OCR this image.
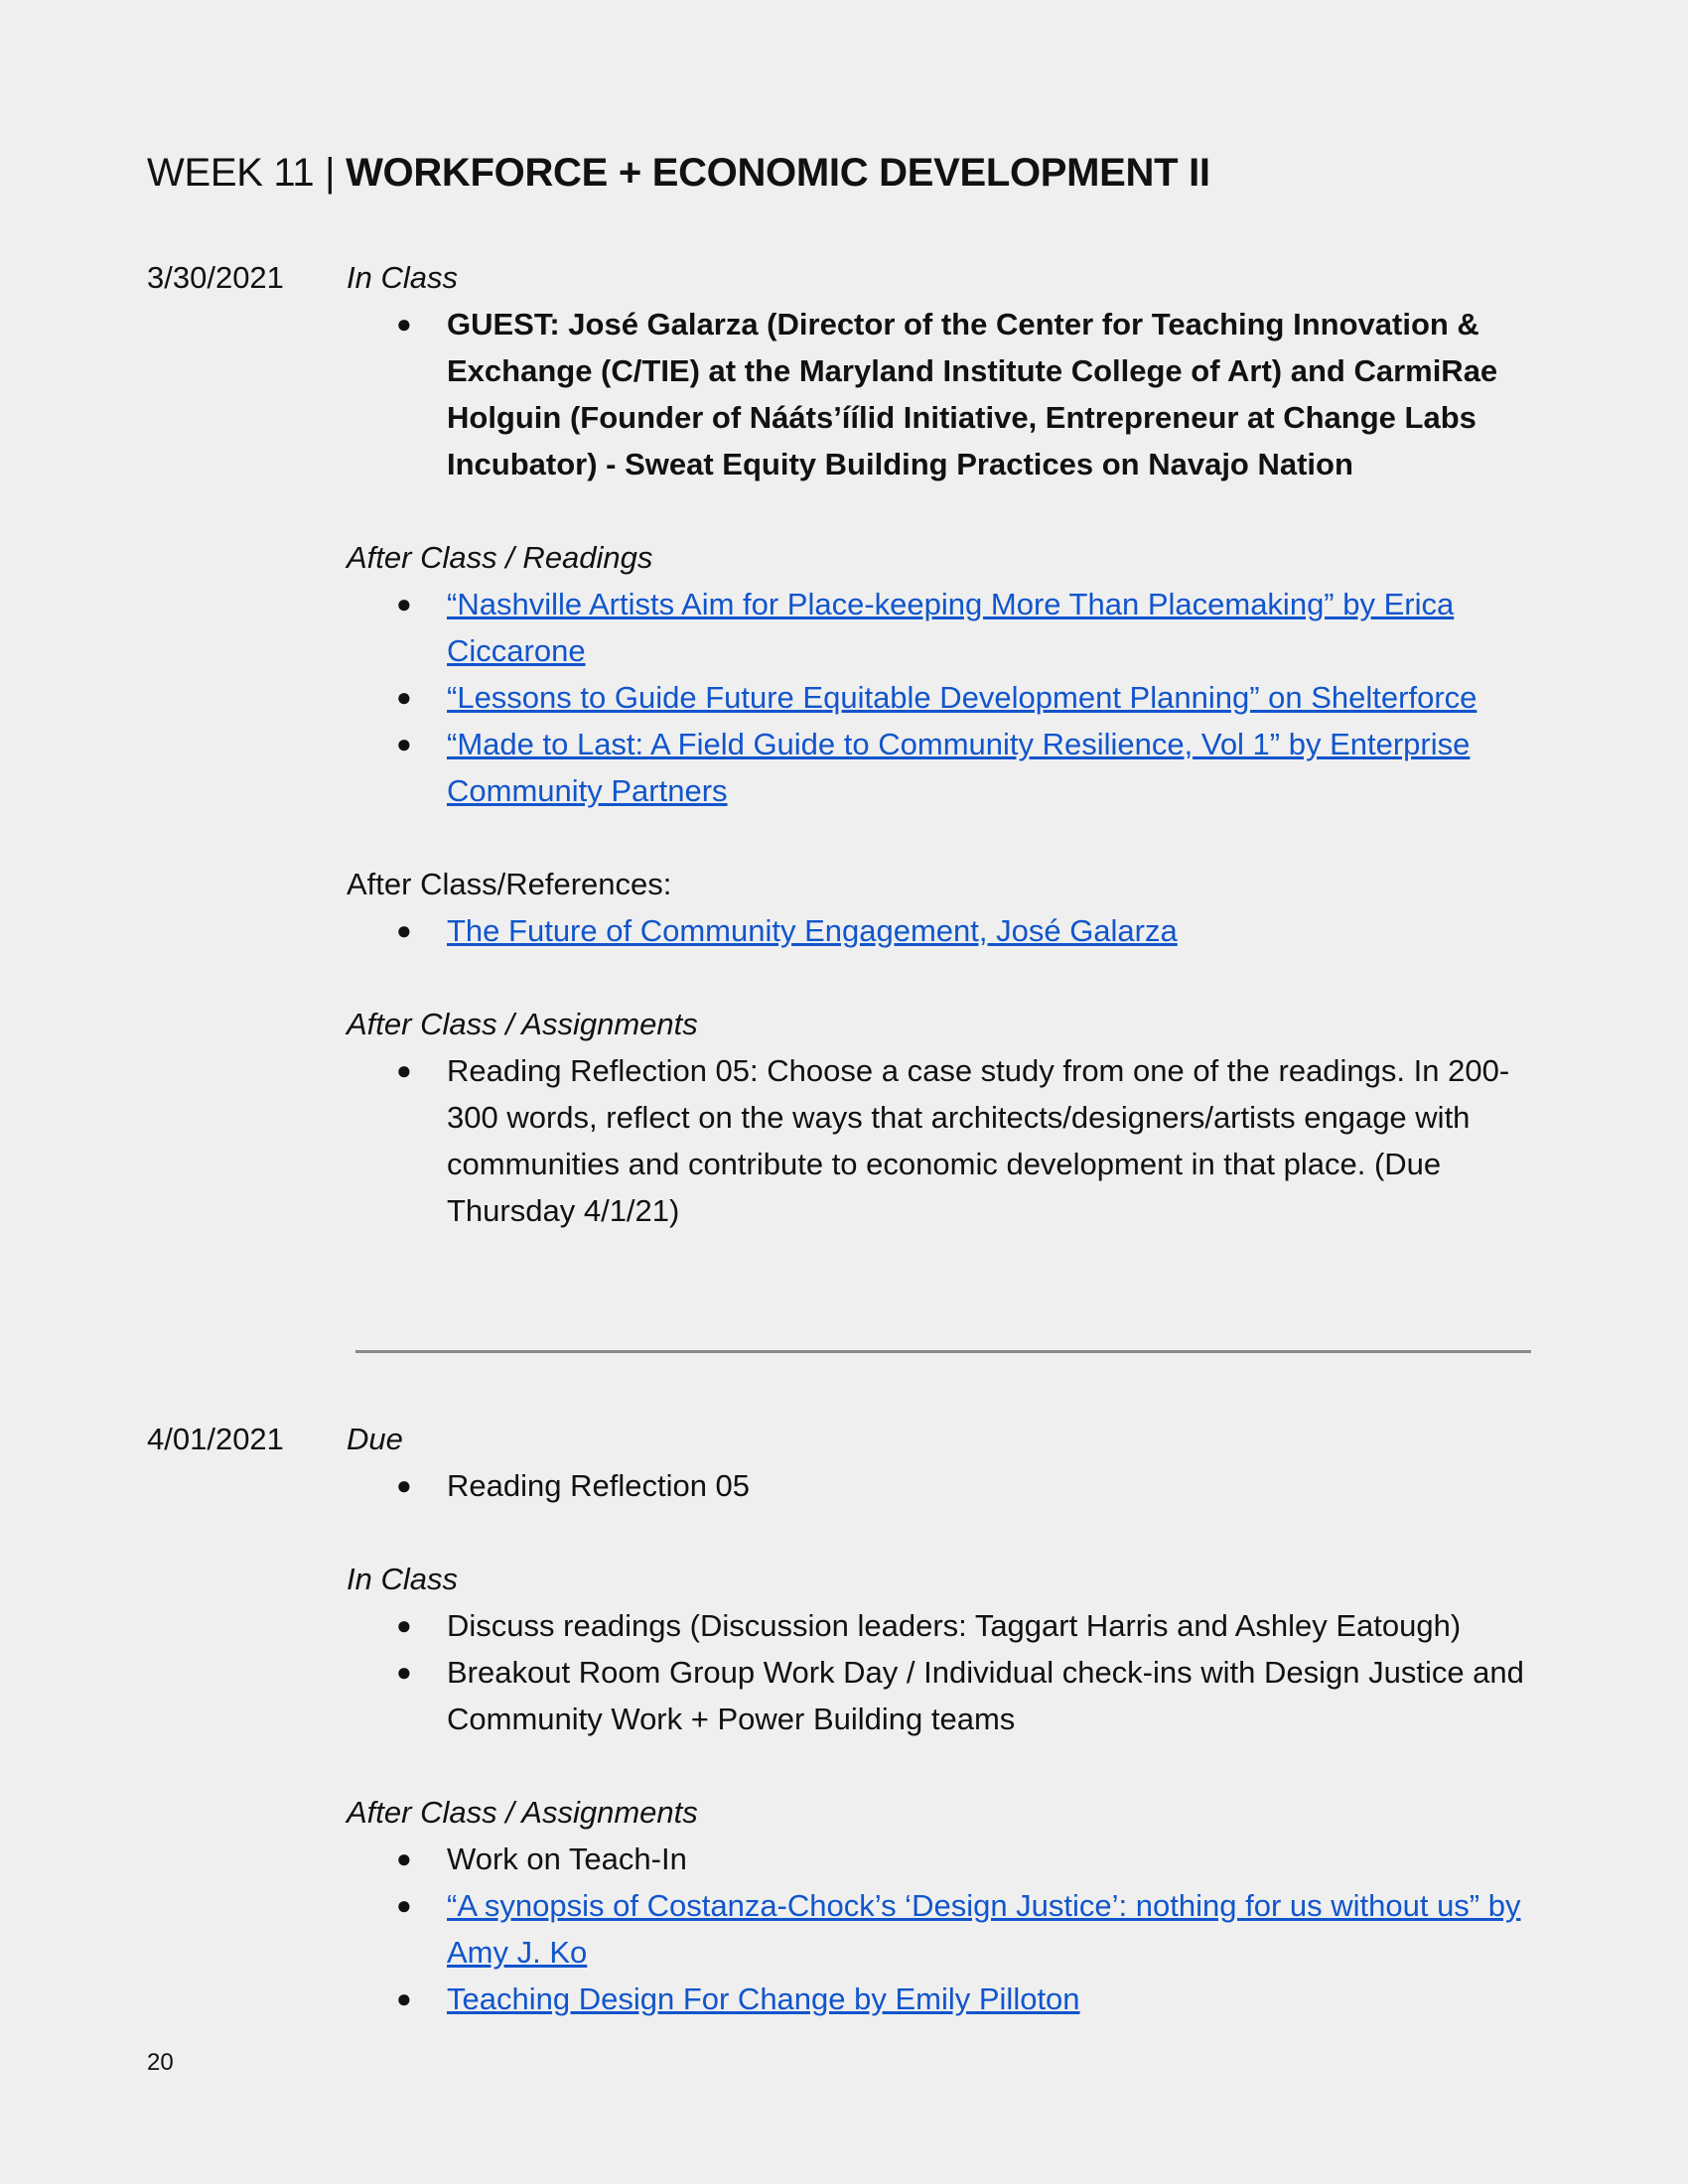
WEEK 11 | WORKFORCE + ECONOMIC DEVELOPMENT II
3/30/2021 In Class

● GUEST: José Galarza (Director of the Center for Teaching Innovation & Exchange (C/TIE) at the Maryland Institute College of Art) and CarmiRae Holguin (Founder of Náátsʼíílid Initiative, Entrepreneur at Change Labs Incubator) - Sweat Equity Building Practices on Navajo Nation

After Class / Readings

● “Nashville Artists Aim for Place-keeping More Than Placemaking” by Erica Ciccarone
● “Lessons to Guide Future Equitable Development Planning” on Shelterforce
● “Made to Last: A Field Guide to Community Resilience, Vol 1” by Enterprise Community Partners

After Class/References:

● The Future of Community Engagement, José Galarza

After Class / Assignments

● Reading Reflection 05: Choose a case study from one of the readings. In 200-300 words, reflect on the ways that architects/designers/artists engage with communities and contribute to economic development in that place. (Due Thursday 4/1/21)
4/01/2021 Due

● Reading Reflection 05

In Class

● Discuss readings (Discussion leaders: Taggart Harris and Ashley Eatough)
● Breakout Room Group Work Day / Individual check-ins with Design Justice and Community Work + Power Building teams

After Class / Assignments

● Work on Teach-In
● “A synopsis of Costanza-Chock’s ‘Design Justice’: nothing for us without us” by Amy J. Ko
● Teaching Design For Change by Emily Pilloton
20
